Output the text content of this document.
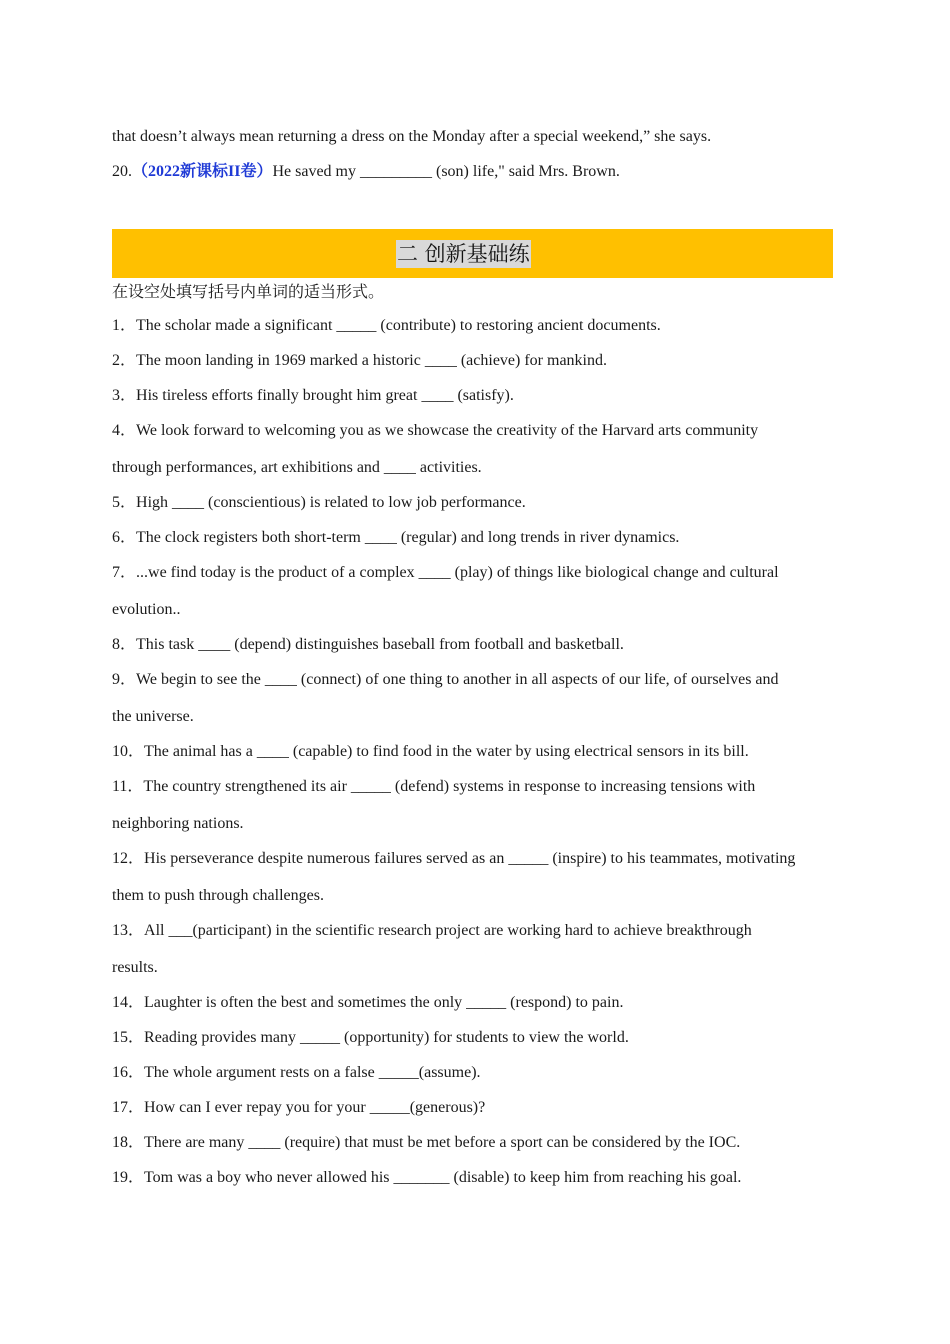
that doesn’t always mean returning a dress on the Monday after a special weekend,” she says.
20.（2022新课标II卷）He saved my _________ (son) life," said Mrs. Brown.
二 创新基础练
在设空处填写括号内单词的适当形式。
1．The scholar made a significant _____ (contribute) to restoring ancient documents.
2．The moon landing in 1969 marked a historic ____ (achieve) for mankind.
3．His tireless efforts finally brought him great ____ (satisfy).
4．We look forward to welcoming you as we showcase the creativity of the Harvard arts community
through performances, art exhibitions and ____ activities.
5．High ____ (conscientious) is related to low job performance.
6．The clock registers both short-term ____ (regular) and long trends in river dynamics.
7．...we find today is the product of a complex ____ (play) of things like biological change and cultural
evolution..
8．This task ____ (depend) distinguishes baseball from football and basketball.
9．We begin to see the ____ (connect) of one thing to another in all aspects of our life, of ourselves and
the universe.
10．The animal has a ____ (capable) to find food in the water by using electrical sensors in its bill.
11．The country strengthened its air _____ (defend) systems in response to increasing tensions with
neighboring nations.
12．His perseverance despite numerous failures served as an _____ (inspire) to his teammates, motivating
them to push through challenges.
13．All ___(participant) in the scientific research project are working hard to achieve breakthrough
results.
14．Laughter is often the best and sometimes the only _____ (respond) to pain.
15．Reading provides many _____ (opportunity) for students to view the world.
16．The whole argument rests on a false _____(assume).
17．How can I ever repay you for your _____(generous)?
18．There are many ____ (require) that must be met before a sport can be considered by the IOC.
19．Tom was a boy who never allowed his _______ (disable) to keep him from reaching his goal.
